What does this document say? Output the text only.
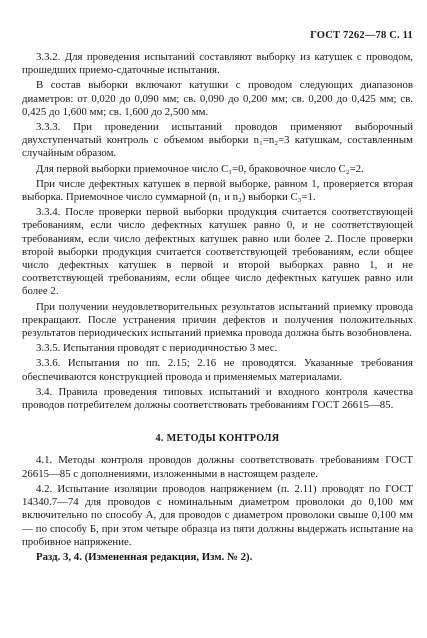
ГОСТ 7262—78 С. 11

3.3.2. Для проведения испытаний составляют выборку из катушек с проводом, прошедших приемо-сдаточные испытания.

В состав выборки включают катушки с проводом следующих диапазонов диаметров: от 0,020 до 0,090 мм; св. 0,090 до 0,200 мм; св. 0,200 до 0,425 мм; св. 0,425 до 1,600 мм; св. 1,600 до 2,500 мм.

3.3.3. При проведении испытаний проводов применяют выборочный двухступенчатый контроль с объемом выборки n₁=n₂=3 катушкам, составленным случайным образом.

Для первой выборки приемочное число C₁=0, браковочное число C₂=2.

При числе дефектных катушек в первой выборке, равном 1, проверяется вторая выборка. Приемочное число суммарной (n₁ и n₂) выборки C₃=1.

3.3.4. После проверки первой выборки продукция считается соответствующей требованиям, если число дефектных катушек равно 0, и не соответствующей требованиям, если число дефектных катушек равно или более 2. После проверки второй выборки продукция считается соответствующей требованиям, если общее число дефектных катушек в первой и второй выборках равно 1, и не соответствующей требованиям, если общее число дефектных катушек равно или более 2.

При получении неудовлетворительных результатов испытаний приемку провода прекращают. После устранения причин дефектов и получения положительных результатов периодических испытаний приемка провода должна быть возобновлена.

3.3.5. Испытания проводят с периодичностью 3 мес.

3.3.6. Испытания по пп. 2.15; 2.16 не проводятся. Указанные требования обеспечиваются конструкцией провода и применяемых материалами.

3.4. Правила проведения типовых испытаний и входного контроля качества проводов потребителем должны соответствовать требованиям ГОСТ 26615—85.

4. МЕТОДЫ КОНТРОЛЯ

4.1. Методы контроля проводов должны соответствовать требованиям ГОСТ 26615—85 с дополнениями, изложенными в настоящем разделе.

4.2. Испытание изоляции проводов напряжением (п. 2.11) проводят по ГОСТ 14340.7—74 для проводов с номинальным диаметром проволоки до 0,100 мм включительно по способу А, для проводов с диаметром проволоки свыше 0,100 мм — по способу Б, при этом четыре образца из пяти должны выдержать испытание на пробивное напряжение.

Разд. 3, 4. (Измененная редакция, Изм. № 2).
